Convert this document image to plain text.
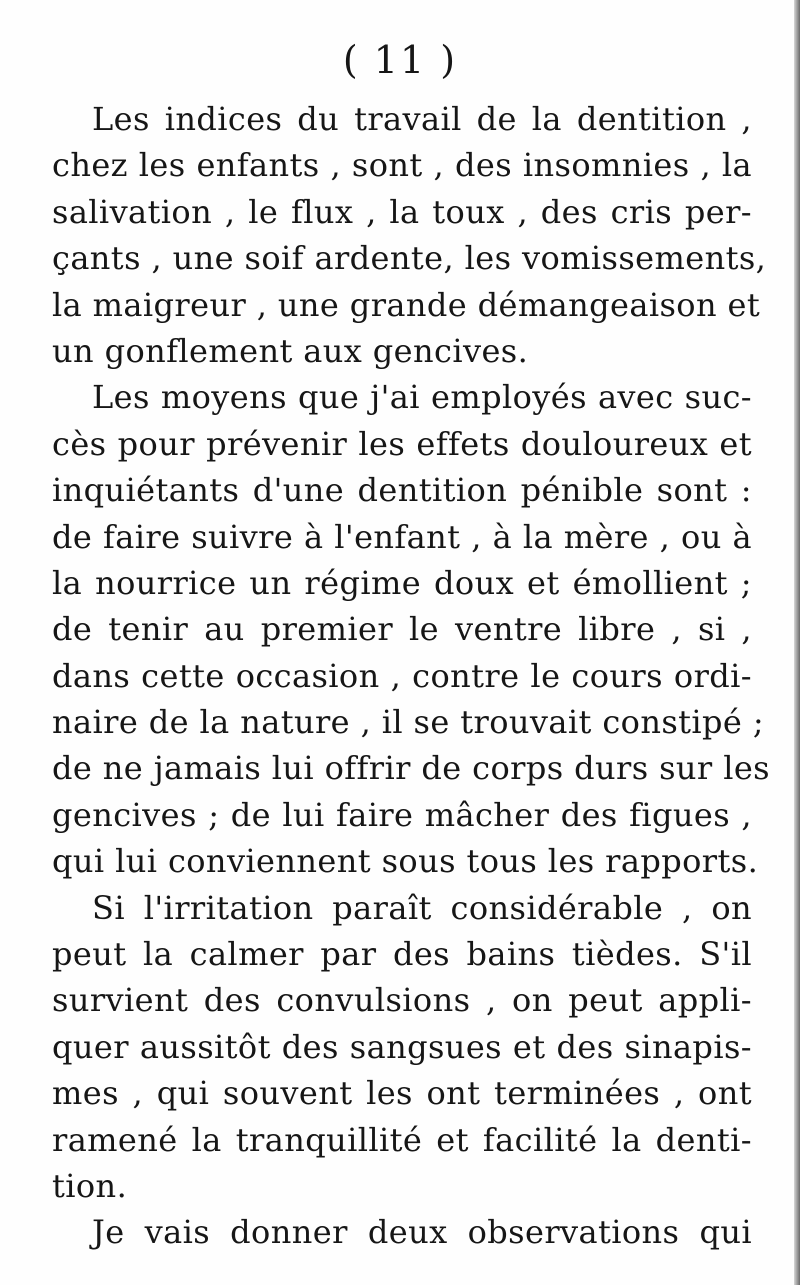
( 11 )
Les indices du travail de la dentition ,
chez les enfants , sont , des insomnies , la
salivation , le flux , la toux , des cris per-
çants , une soif ardente, les vomissements,
la maigreur , une grande démangeaison et
un gonflement aux gencives.
Les moyens que j'ai employés avec suc-
cès pour prévenir les effets douloureux et
inquiétants d'une dentition pénible sont :
de faire suivre à l'enfant , à la mère , ou à
la nourrice un régime doux et émollient ;
de tenir au premier le ventre libre , si ,
dans cette occasion , contre le cours ordi-
naire de la nature , il se trouvait constipé ;
de ne jamais lui offrir de corps durs sur les
gencives ; de lui faire mâcher des figues ,
qui lui conviennent sous tous les rapports.
Si l'irritation paraît considérable , on
peut la calmer par des bains tièdes. S'il
survient des convulsions , on peut appli-
quer aussitôt des sangsues et des sinapis-
mes , qui souvent les ont terminées , ont
ramené la tranquillité et facilité la denti-
tion.
Je vais donner deux observations qui
